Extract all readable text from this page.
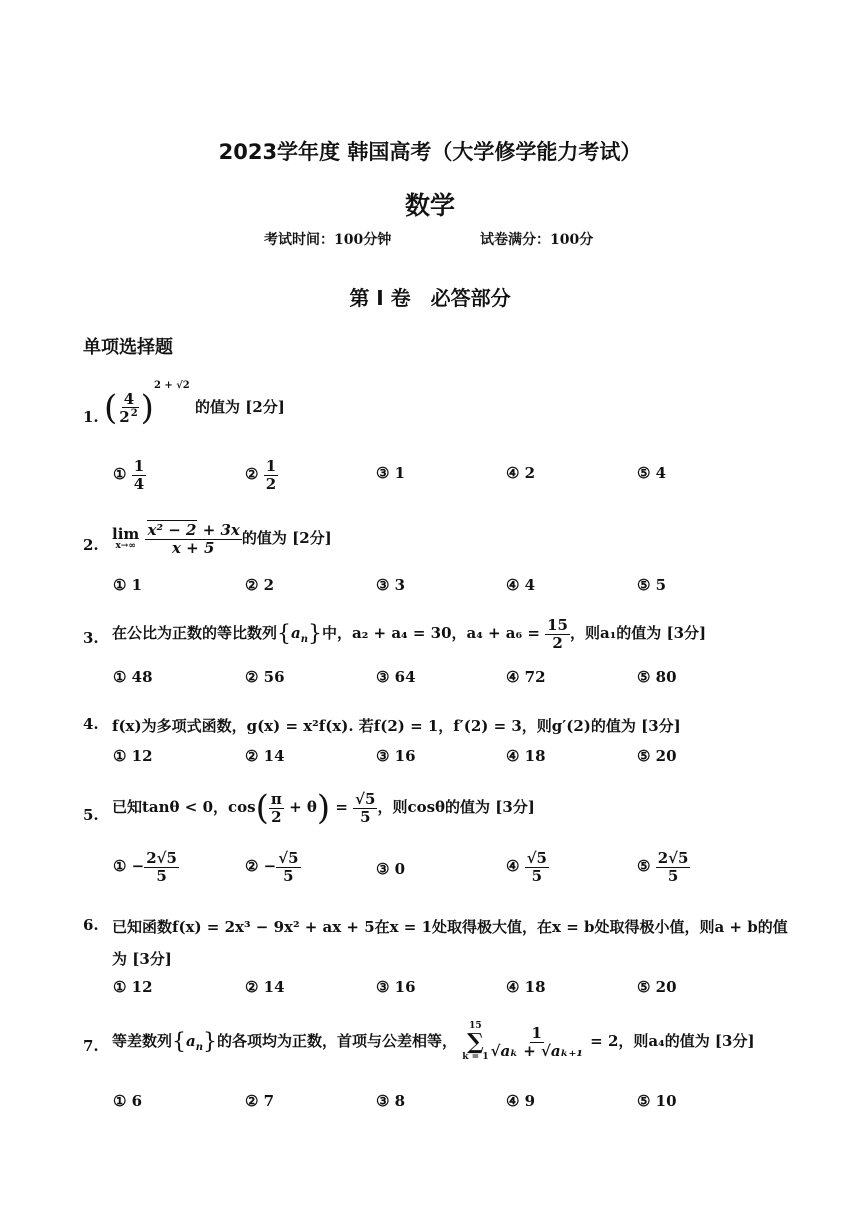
2023学年度 韩国高考（大学修学能力考试）
数学
考试时间：100分钟	试卷满分：100分
第 I 卷　必答部分
单项选择题
1. ( $\frac{4}{2^2} )^{2 + √2}$ 的值为 [2分]
① $\frac{1}{4}$	② $\frac{1}{2}$	③ 1	④ 2	⑤ 4
2.
lim
x→∞
$\frac{\text{x² − 2 + 3x}}{x + 5}$ 的值为 [2分]
① 1	② 2	③ 3	④ 4	⑤ 5
3. 在公比为正数的等比数列$\{a_n\}$中，a₂ + a₄ = 30，$a_4 + a_6 = \frac{15}{2}$ ，则a₁的值为 [3分]
① 48	② 56	③ 64	④ 72	⑤ 80
4. f(x)为多项式函数，g(x) = x²f(x). 若f(2) = 1，f′(2) = 3，则g′(2)的值为 [3分]
① 12	② 14	③ 16	④ 18	⑤ 20
5. 已知tanθ < 0，$\cos( \frac{\pi}{2} + \theta) = \frac{√5}{5}$ ，则cosθ的值为 [3分]
① − $\frac{2√5}{5}$	② − $\frac{√5}{5}$	③ 0	④ $\frac{√5}{5}$	⑤ $\frac{2√5}{5}$
6. 已知函数f(x) = 2x³ − 9x² + ax + 5在x = 1处取得极大值，在x = b处取得极小值，则a + b的值
为 [3分]
① 12	② 14	③ 16	④ 18	⑤ 20
7. 等差数列$\{a_n\}$的各项均为正数，首项与公差相等，
15
∑
$k = 1 \frac{1}{\text{√aₖ + √aₖ₊₁}} = 2$，则a₄的值为 [3分]
① 6	② 7	③ 8	④ 9	⑤ 10
